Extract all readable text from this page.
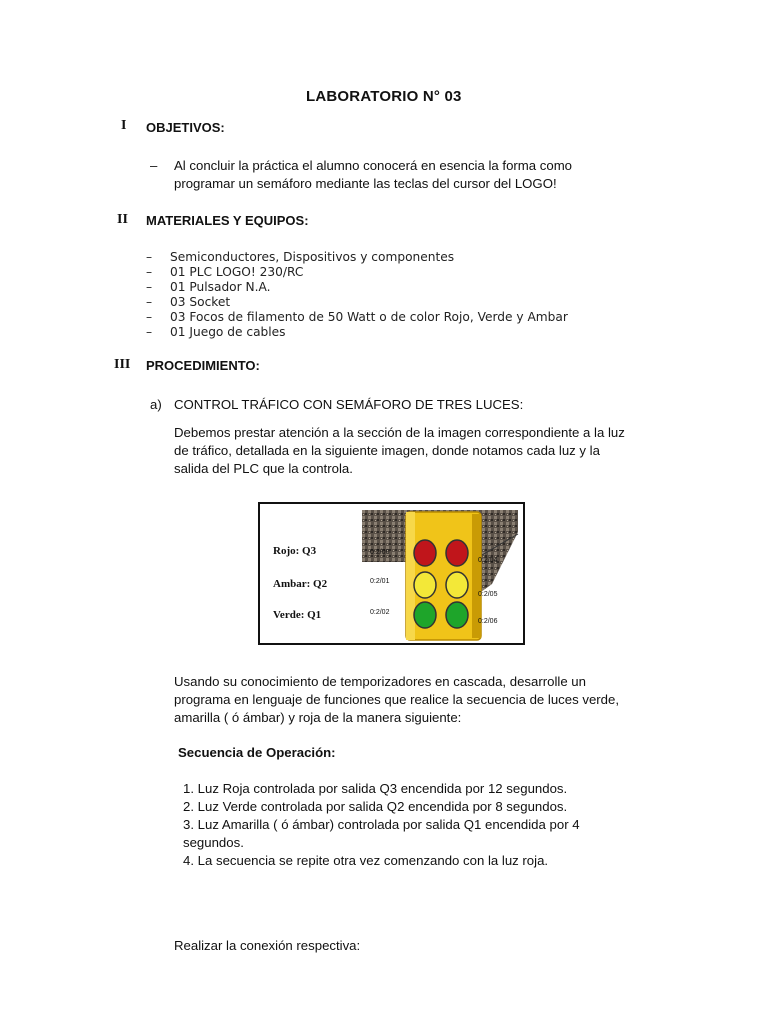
LABORATORIO N° 03

I OBJETIVOS:

– Al concluir la práctica el alumno conocerá en esencia la forma como
programar un semáforo mediante las teclas del cursor del LOGO!

II MATERIALES Y EQUIPOS:

– Semiconductores, Dispositivos y componentes
– 01 PLC LOGO! 230/RC
– 01 Pulsador N.A.
– 03 Socket
– 03 Focos de filamento de 50 Watt o de color Rojo, Verde y Ambar
– 01 Juego de cables

III PROCEDIMIENTO:

a) CONTROL TRÁFICO CON SEMÁFORO DE TRES LUCES:

Debemos prestar atención a la sección de la imagen correspondiente a la luz
de tráfico, detallada en la siguiente imagen, donde notamos cada luz y la
salida del PLC que la controla.
Rojo: Q3
Ambar: Q2
Verde: Q1
0:2/00
0:2/01
0:2/02
0:2/04
0:2/05
0:2/06
Usando su conocimiento de temporizadores en cascada, desarrolle un
programa en lenguaje de funciones que realice la secuencia de luces verde,
amarilla ( ó ámbar) y roja de la manera siguiente:

Secuencia de Operación:

1. Luz Roja controlada por salida Q3 encendida por 12 segundos.
2. Luz Verde controlada por salida Q2 encendida por 8 segundos.
3. Luz Amarilla ( ó ámbar) controlada por salida Q1 encendida por 4
segundos.
4. La secuencia se repite otra vez comenzando con la luz roja.

Realizar la conexión respectiva:
